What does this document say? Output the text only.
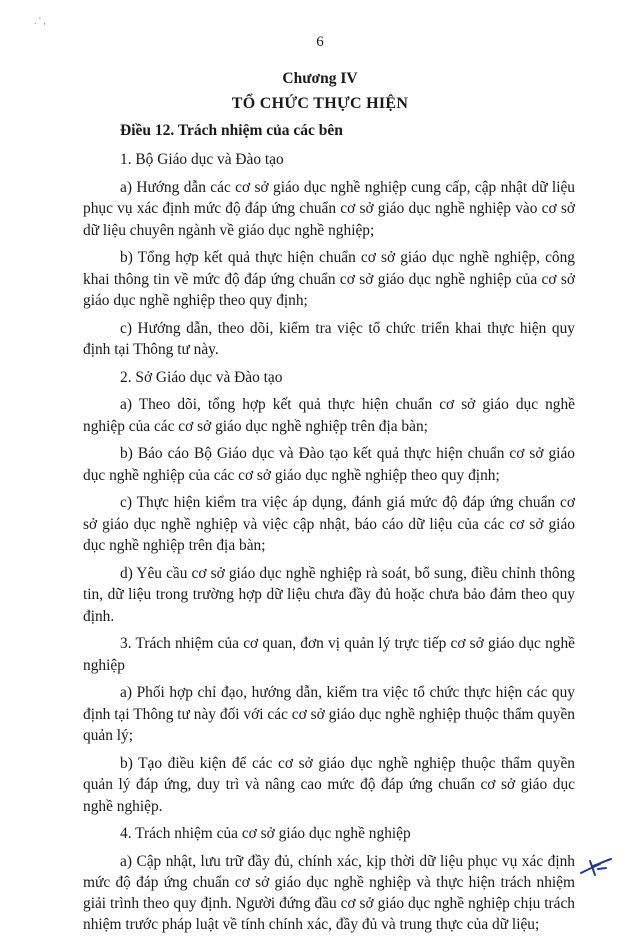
. ' ,
6
Chương IV
TỔ CHỨC THỰC HIỆN
Điều 12. Trách nhiệm của các bên

1. Bộ Giáo dục và Đào tạo

a) Hướng dẫn các cơ sở giáo dục nghề nghiệp cung cấp, cập nhật dữ liệu phục vụ xác định mức độ đáp ứng chuẩn cơ sở giáo dục nghề nghiệp vào cơ sở dữ liệu chuyên ngành về giáo dục nghề nghiệp;

b) Tổng hợp kết quả thực hiện chuẩn cơ sở giáo dục nghề nghiệp, công khai thông tin về mức độ đáp ứng chuẩn cơ sở giáo dục nghề nghiệp của cơ sở giáo dục nghề nghiệp theo quy định;

c) Hướng dẫn, theo dõi, kiểm tra việc tổ chức triển khai thực hiện quy định tại Thông tư này.

2. Sở Giáo dục và Đào tạo

a) Theo dõi, tổng hợp kết quả thực hiện chuẩn cơ sở giáo dục nghề nghiệp của các cơ sở giáo dục nghề nghiệp trên địa bàn;

b) Báo cáo Bộ Giáo dục và Đào tạo kết quả thực hiện chuẩn cơ sở giáo dục nghề nghiệp của các cơ sở giáo dục nghề nghiệp theo quy định;

c) Thực hiện kiểm tra việc áp dụng, đánh giá mức độ đáp ứng chuẩn cơ sở giáo dục nghề nghiệp và việc cập nhật, báo cáo dữ liệu của các cơ sở giáo dục nghề nghiệp trên địa bàn;

d) Yêu cầu cơ sở giáo dục nghề nghiệp rà soát, bổ sung, điều chỉnh thông tin, dữ liệu trong trường hợp dữ liệu chưa đầy đủ hoặc chưa bảo đảm theo quy định.

3. Trách nhiệm của cơ quan, đơn vị quản lý trực tiếp cơ sở giáo dục nghề nghiệp

a) Phối hợp chỉ đạo, hướng dẫn, kiểm tra việc tổ chức thực hiện các quy định tại Thông tư này đối với các cơ sở giáo dục nghề nghiệp thuộc thẩm quyền quản lý;

b) Tạo điều kiện để các cơ sở giáo dục nghề nghiệp thuộc thẩm quyền quản lý đáp ứng, duy trì và nâng cao mức độ đáp ứng chuẩn cơ sở giáo dục nghề nghiệp.

4. Trách nhiệm của cơ sở giáo dục nghề nghiệp

a) Cập nhật, lưu trữ đầy đủ, chính xác, kịp thời dữ liệu phục vụ xác định mức độ đáp ứng chuẩn cơ sở giáo dục nghề nghiệp và thực hiện trách nhiệm giải trình theo quy định. Người đứng đầu cơ sở giáo dục nghề nghiệp chịu trách nhiệm trước pháp luật về tính chính xác, đầy đủ và trung thực của dữ liệu;
